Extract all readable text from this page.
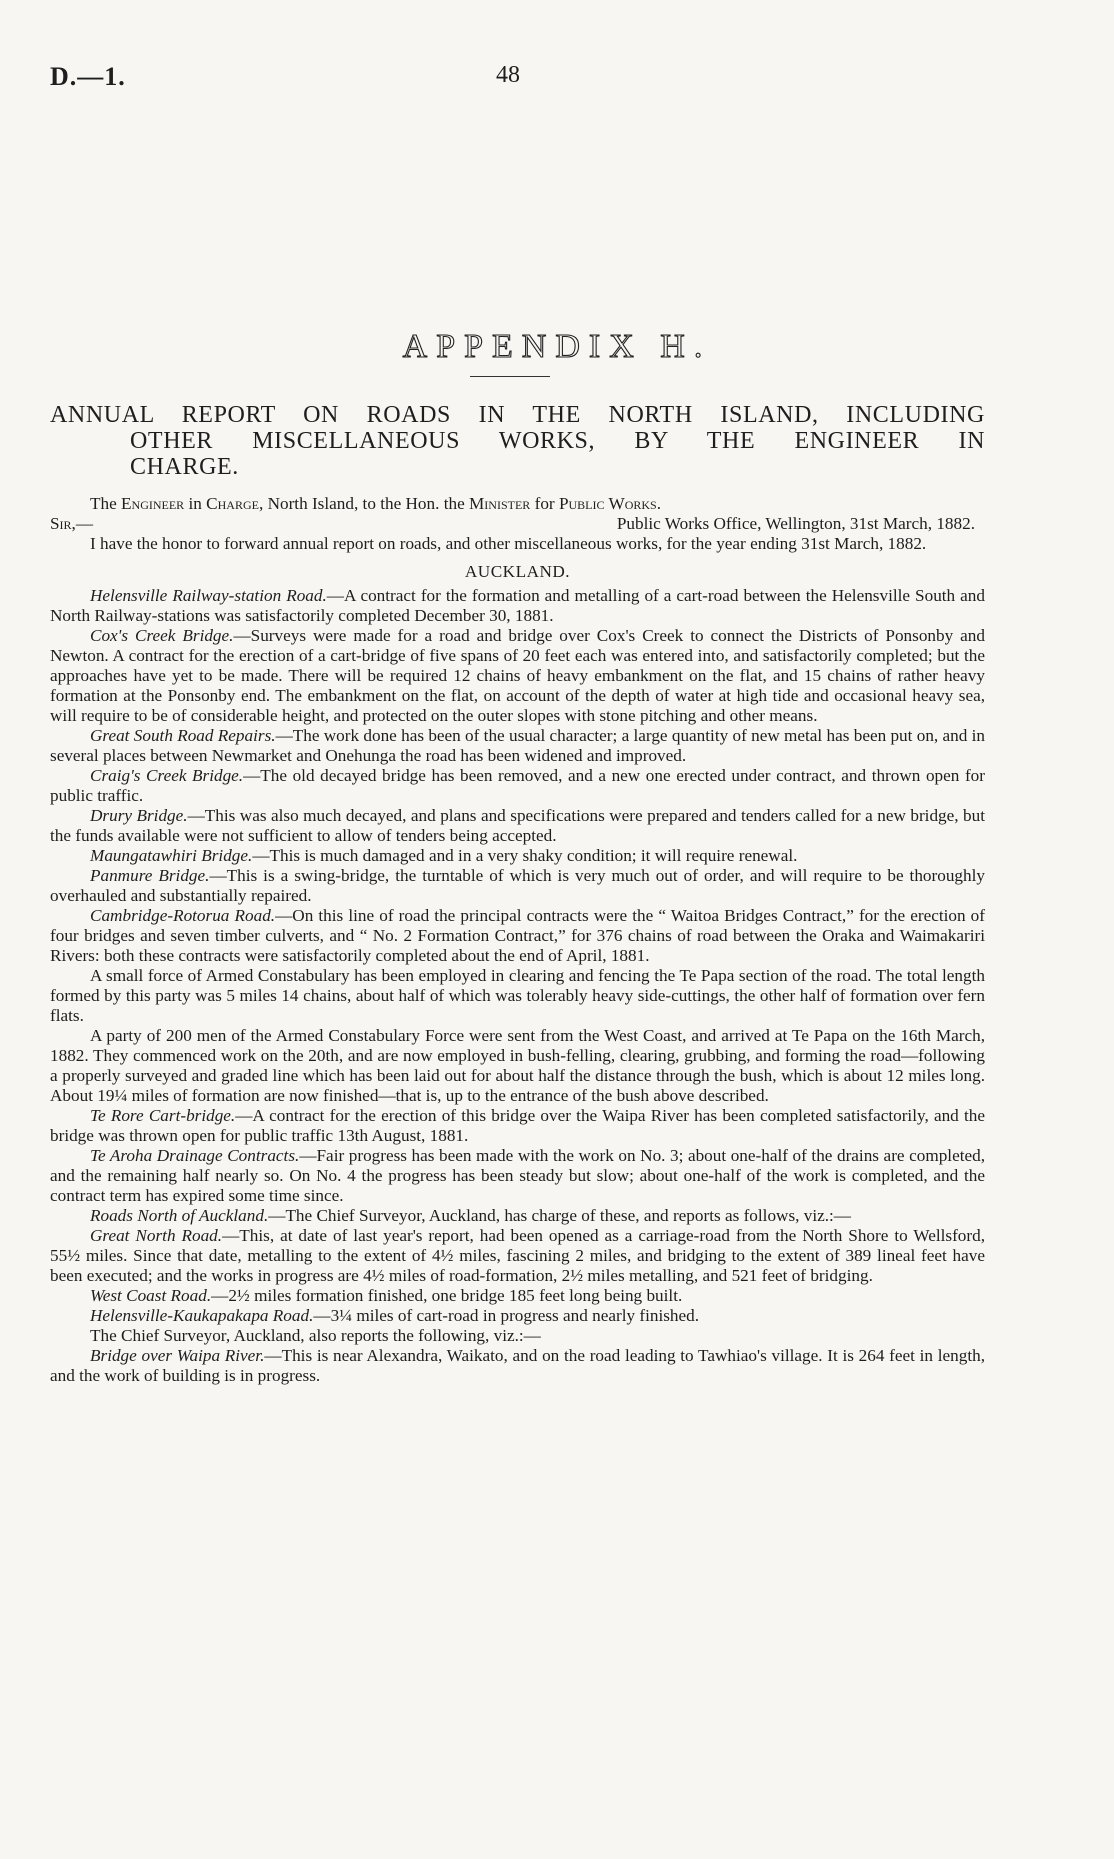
D.—1.	48
APPENDIX H.
ANNUAL REPORT ON ROADS IN THE NORTH ISLAND, INCLUDING
OTHER MISCELLANEOUS WORKS, BY THE ENGINEER IN
CHARGE.
The Engineer in Charge, North Island, to the Hon. the Minister for Public Works.
Sir,—	Public Works Office, Wellington, 31st March, 1882.

I have the honor to forward annual report on roads, and other miscellaneous works, for the year ending 31st March, 1882.

AUCKLAND.

Helensville Railway-station Road.—A contract for the formation and metalling of a cart-road between the Helensville South and North Railway-stations was satisfactorily completed December 30, 1881.

Cox's Creek Bridge.—Surveys were made for a road and bridge over Cox's Creek to connect the Districts of Ponsonby and Newton. A contract for the erection of a cart-bridge of five spans of 20 feet each was entered into, and satisfactorily completed; but the approaches have yet to be made. There will be required 12 chains of heavy embankment on the flat, and 15 chains of rather heavy formation at the Ponsonby end. The embankment on the flat, on account of the depth of water at high tide and occasional heavy sea, will require to be of considerable height, and protected on the outer slopes with stone pitching and other means.

Great South Road Repairs.—The work done has been of the usual character; a large quantity of new metal has been put on, and in several places between Newmarket and Onehunga the road has been widened and improved.

Craig's Creek Bridge.—The old decayed bridge has been removed, and a new one erected under contract, and thrown open for public traffic.

Drury Bridge.—This was also much decayed, and plans and specifications were prepared and tenders called for a new bridge, but the funds available were not sufficient to allow of tenders being accepted.

Maungatawhiri Bridge.—This is much damaged and in a very shaky condition; it will require renewal.

Panmure Bridge.—This is a swing-bridge, the turntable of which is very much out of order, and will require to be thoroughly overhauled and substantially repaired.

Cambridge-Rotorua Road.—On this line of road the principal contracts were the “ Waitoa Bridges Contract,” for the erection of four bridges and seven timber culverts, and “ No. 2 Formation Contract,” for 376 chains of road between the Oraka and Waimakariri Rivers: both these contracts were satisfactorily completed about the end of April, 1881.

A small force of Armed Constabulary has been employed in clearing and fencing the Te Papa section of the road. The total length formed by this party was 5 miles 14 chains, about half of which was tolerably heavy side-cuttings, the other half of formation over fern flats.

A party of 200 men of the Armed Constabulary Force were sent from the West Coast, and arrived at Te Papa on the 16th March, 1882. They commenced work on the 20th, and are now employed in bush-felling, clearing, grubbing, and forming the road—following a properly surveyed and graded line which has been laid out for about half the distance through the bush, which is about 12 miles long. About 19¼ miles of formation are now finished—that is, up to the entrance of the bush above described.

Te Rore Cart-bridge.—A contract for the erection of this bridge over the Waipa River has been completed satisfactorily, and the bridge was thrown open for public traffic 13th August, 1881.

Te Aroha Drainage Contracts.—Fair progress has been made with the work on No. 3; about one-half of the drains are completed, and the remaining half nearly so. On No. 4 the progress has been steady but slow; about one-half of the work is completed, and the contract term has expired some time since.

Roads North of Auckland.—The Chief Surveyor, Auckland, has charge of these, and reports as follows, viz.:—

Great North Road.—This, at date of last year's report, had been opened as a carriage-road from the North Shore to Wellsford, 55½ miles. Since that date, metalling to the extent of 4½ miles, fascining 2 miles, and bridging to the extent of 389 lineal feet have been executed; and the works in progress are 4½ miles of road-formation, 2½ miles metalling, and 521 feet of bridging.

West Coast Road.—2½ miles formation finished, one bridge 185 feet long being built.

Helensville-Kaukapakapa Road.—3¼ miles of cart-road in progress and nearly finished.

The Chief Surveyor, Auckland, also reports the following, viz.:—

Bridge over Waipa River.—This is near Alexandra, Waikato, and on the road leading to Tawhiao's village. It is 264 feet in length, and the work of building is in progress.
